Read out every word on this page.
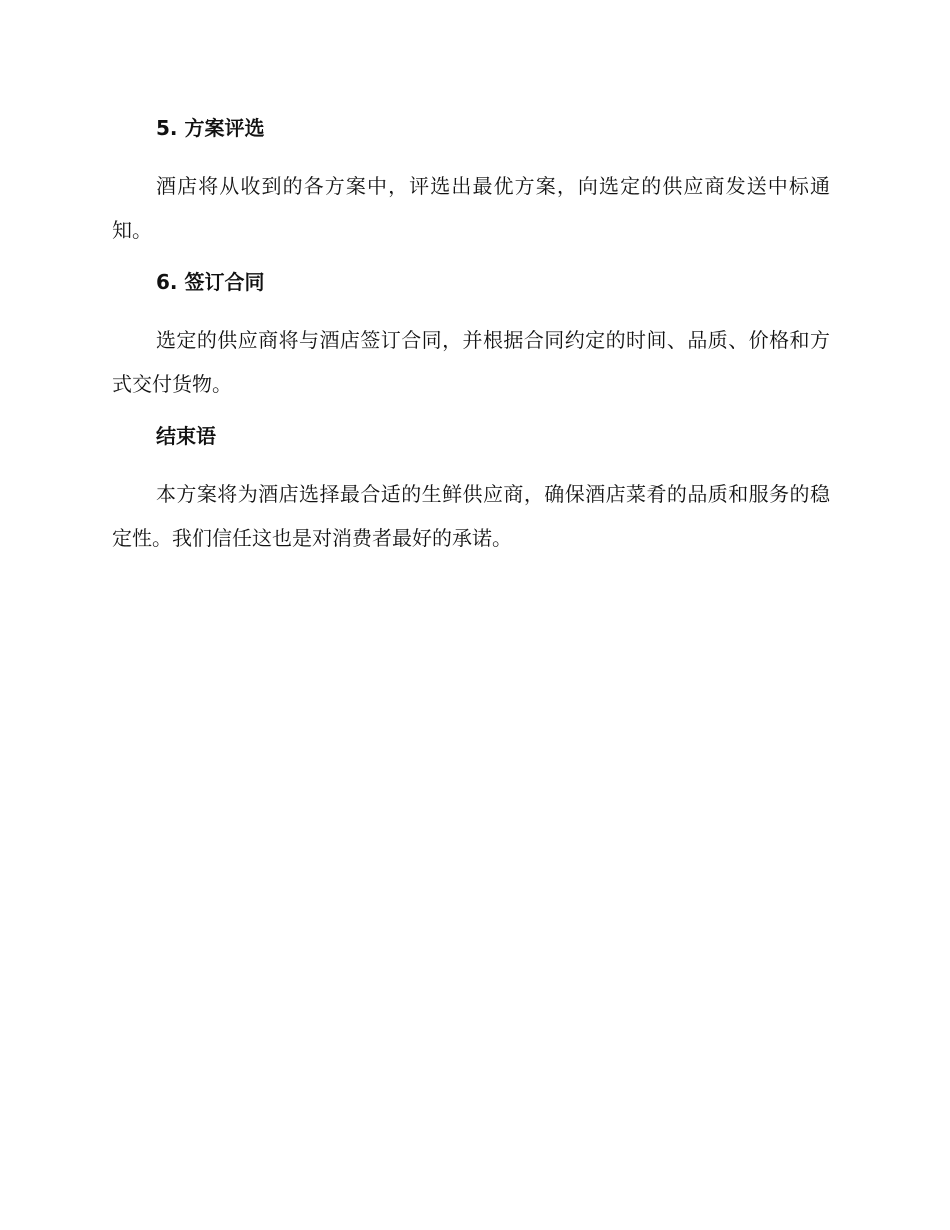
5. 方案评选

酒店将从收到的各方案中，评选出最优方案，向选定的供应商发送中标通知。

6. 签订合同

选定的供应商将与酒店签订合同，并根据合同约定的时间、品质、价格和方式交付货物。

结束语

本方案将为酒店选择最合适的生鲜供应商，确保酒店菜肴的品质和服务的稳定性。我们信任这也是对消费者最好的承诺。
